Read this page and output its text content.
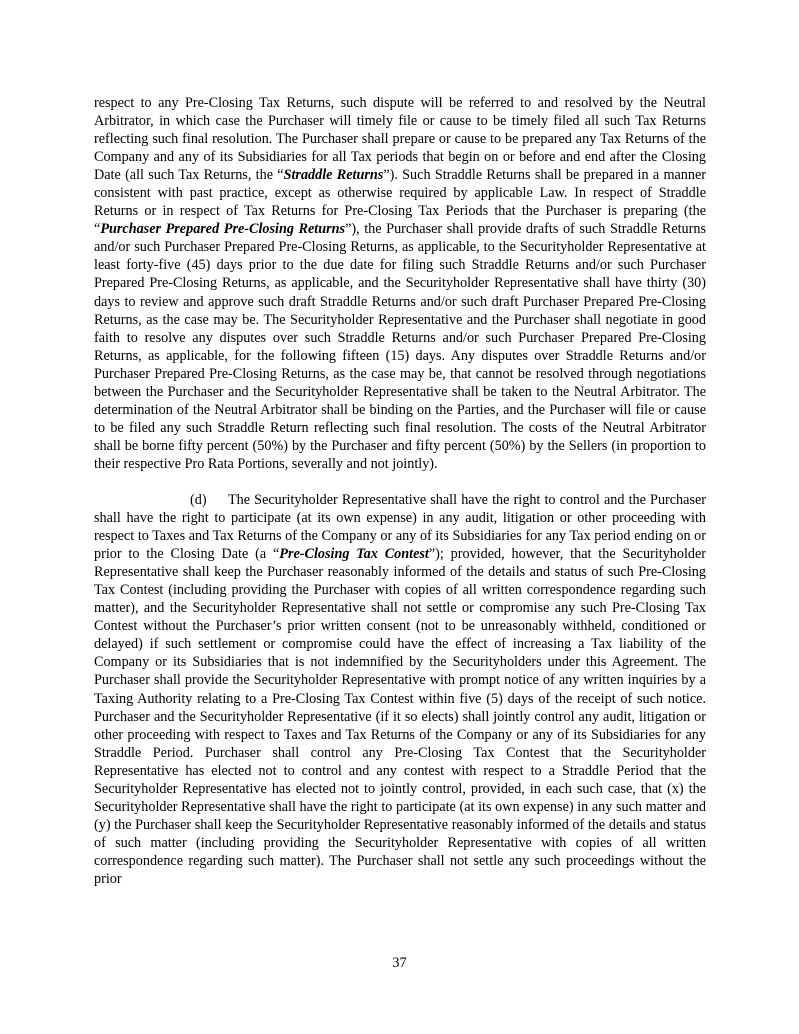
respect to any Pre-Closing Tax Returns, such dispute will be referred to and resolved by the Neutral Arbitrator, in which case the Purchaser will timely file or cause to be timely filed all such Tax Returns reflecting such final resolution. The Purchaser shall prepare or cause to be prepared any Tax Returns of the Company and any of its Subsidiaries for all Tax periods that begin on or before and end after the Closing Date (all such Tax Returns, the “Straddle Returns”). Such Straddle Returns shall be prepared in a manner consistent with past practice, except as otherwise required by applicable Law. In respect of Straddle Returns or in respect of Tax Returns for Pre-Closing Tax Periods that the Purchaser is preparing (the “Purchaser Prepared Pre-Closing Returns”), the Purchaser shall provide drafts of such Straddle Returns and/or such Purchaser Prepared Pre-Closing Returns, as applicable, to the Securityholder Representative at least forty-five (45) days prior to the due date for filing such Straddle Returns and/or such Purchaser Prepared Pre-Closing Returns, as applicable, and the Securityholder Representative shall have thirty (30) days to review and approve such draft Straddle Returns and/or such draft Purchaser Prepared Pre-Closing Returns, as the case may be. The Securityholder Representative and the Purchaser shall negotiate in good faith to resolve any disputes over such Straddle Returns and/or such Purchaser Prepared Pre-Closing Returns, as applicable, for the following fifteen (15) days. Any disputes over Straddle Returns and/or Purchaser Prepared Pre-Closing Returns, as the case may be, that cannot be resolved through negotiations between the Purchaser and the Securityholder Representative shall be taken to the Neutral Arbitrator. The determination of the Neutral Arbitrator shall be binding on the Parties, and the Purchaser will file or cause to be filed any such Straddle Return reflecting such final resolution. The costs of the Neutral Arbitrator shall be borne fifty percent (50%) by the Purchaser and fifty percent (50%) by the Sellers (in proportion to their respective Pro Rata Portions, severally and not jointly).

(d) The Securityholder Representative shall have the right to control and the Purchaser shall have the right to participate (at its own expense) in any audit, litigation or other proceeding with respect to Taxes and Tax Returns of the Company or any of its Subsidiaries for any Tax period ending on or prior to the Closing Date (a “Pre-Closing Tax Contest”); provided, however, that the Securityholder Representative shall keep the Purchaser reasonably informed of the details and status of such Pre-Closing Tax Contest (including providing the Purchaser with copies of all written correspondence regarding such matter), and the Securityholder Representative shall not settle or compromise any such Pre-Closing Tax Contest without the Purchaser’s prior written consent (not to be unreasonably withheld, conditioned or delayed) if such settlement or compromise could have the effect of increasing a Tax liability of the Company or its Subsidiaries that is not indemnified by the Securityholders under this Agreement. The Purchaser shall provide the Securityholder Representative with prompt notice of any written inquiries by a Taxing Authority relating to a Pre-Closing Tax Contest within five (5) days of the receipt of such notice. Purchaser and the Securityholder Representative (if it so elects) shall jointly control any audit, litigation or other proceeding with respect to Taxes and Tax Returns of the Company or any of its Subsidiaries for any Straddle Period. Purchaser shall control any Pre-Closing Tax Contest that the Securityholder Representative has elected not to control and any contest with respect to a Straddle Period that the Securityholder Representative has elected not to jointly control, provided, in each such case, that (x) the Securityholder Representative shall have the right to participate (at its own expense) in any such matter and (y) the Purchaser shall keep the Securityholder Representative reasonably informed of the details and status of such matter (including providing the Securityholder Representative with copies of all written correspondence regarding such matter). The Purchaser shall not settle any such proceedings without the prior

37
